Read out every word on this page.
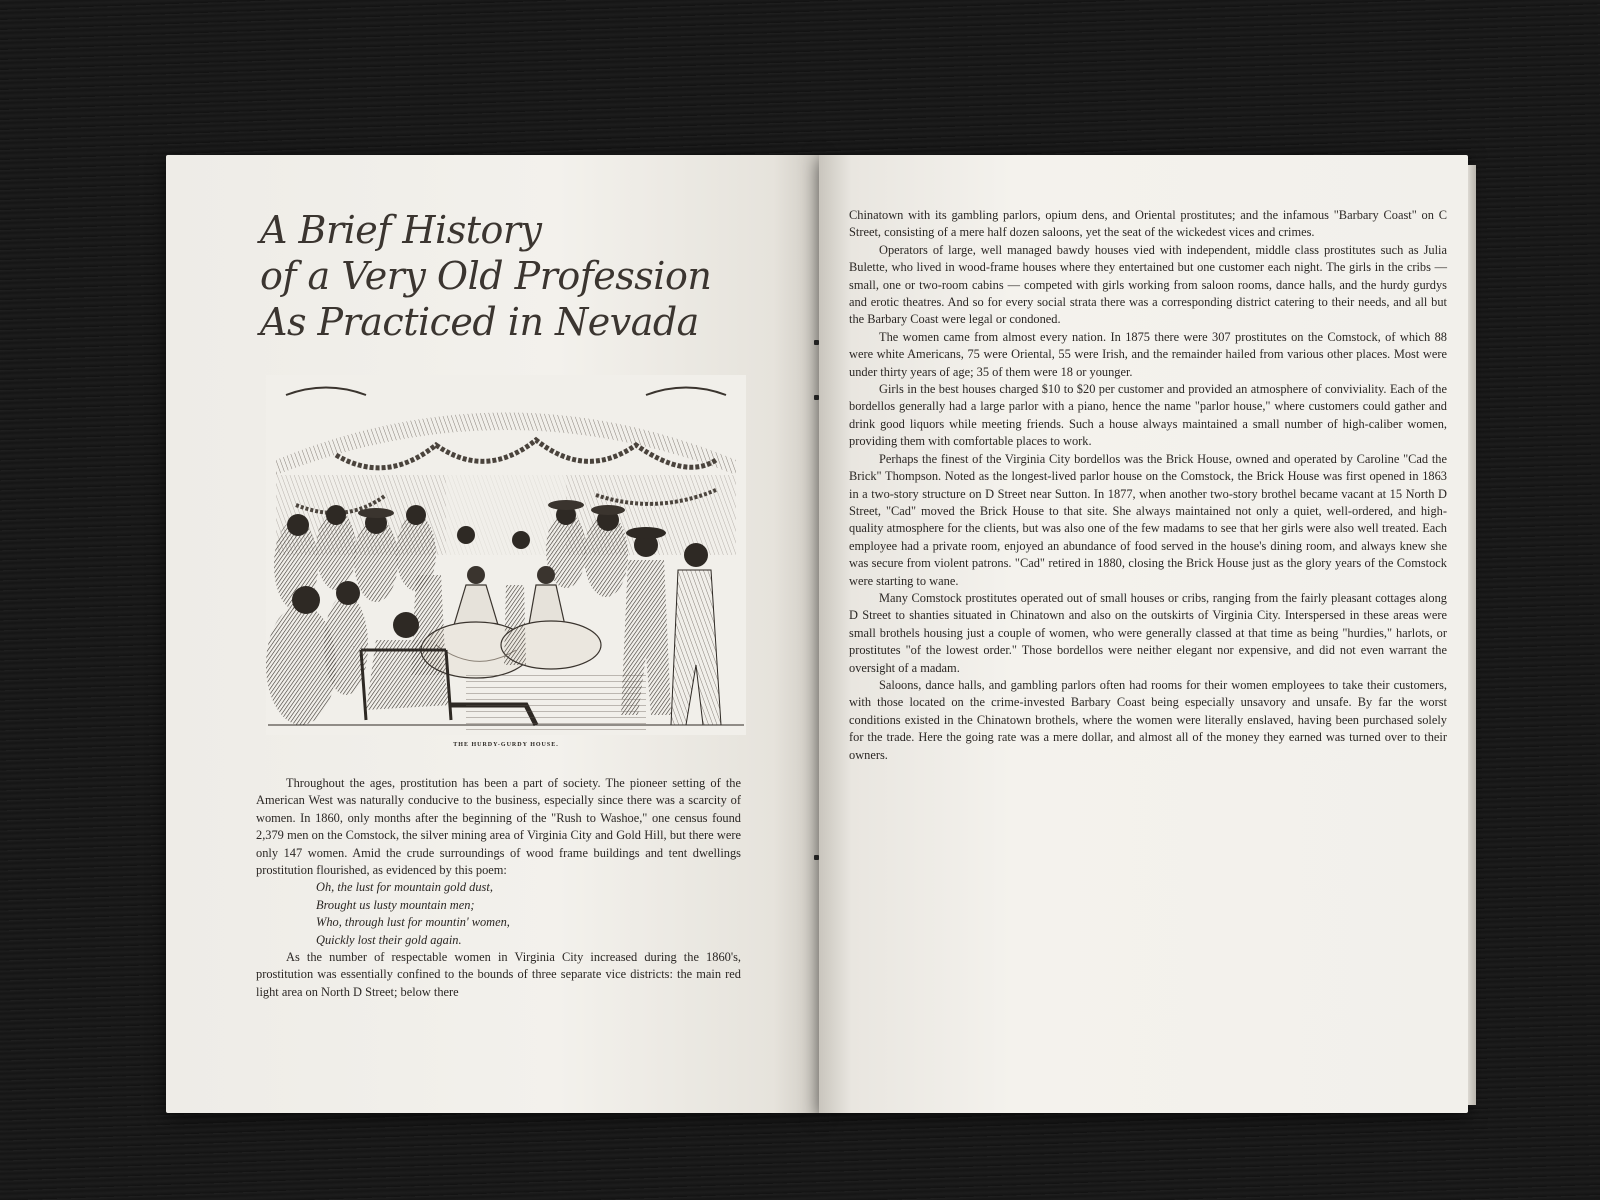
A Brief History
of a Very Old Profession
As Practiced in Nevada
THE HURDY-GURDY HOUSE.

Throughout the ages, prostitution has been a part of society. The pioneer setting of the American West was naturally conducive to the business, especially since there was a scarcity of women. In 1860, only months after the beginning of the "Rush to Washoe," one census found 2,379 men on the Comstock, the silver mining area of Virginia City and Gold Hill, but there were only 147 women. Amid the crude surroundings of wood frame buildings and tent dwellings prostitution flourished, as evidenced by this poem:

Oh, the lust for mountain gold dust,
Brought us lusty mountain men;
Who, through lust for mountin' women,
Quickly lost their gold again.

As the number of respectable women in Virginia City increased during the 1860's, prostitution was essentially confined to the bounds of three separate vice districts: the main red light area on North D Street; below there

Chinatown with its gambling parlors, opium dens, and Oriental prostitutes; and the infamous "Barbary Coast" on C Street, consisting of a mere half dozen saloons, yet the seat of the wickedest vices and crimes.

Operators of large, well managed bawdy houses vied with independent, middle class prostitutes such as Julia Bulette, who lived in wood-frame houses where they entertained but one customer each night. The girls in the cribs — small, one or two-room cabins — competed with girls working from saloon rooms, dance halls, and the hurdy gurdys and erotic theatres. And so for every social strata there was a corresponding district catering to their needs, and all but the Barbary Coast were legal or condoned.

The women came from almost every nation. In 1875 there were 307 prostitutes on the Comstock, of which 88 were white Americans, 75 were Oriental, 55 were Irish, and the remainder hailed from various other places. Most were under thirty years of age; 35 of them were 18 or younger.

Girls in the best houses charged $10 to $20 per customer and provided an atmosphere of conviviality. Each of the bordellos generally had a large parlor with a piano, hence the name "parlor house," where customers could gather and drink good liquors while meeting friends. Such a house always maintained a small number of high-caliber women, providing them with comfortable places to work.

Perhaps the finest of the Virginia City bordellos was the Brick House, owned and operated by Caroline "Cad the Brick" Thompson. Noted as the longest-lived parlor house on the Comstock, the Brick House was first opened in 1863 in a two-story structure on D Street near Sutton. In 1877, when another two-story brothel became vacant at 15 North D Street, "Cad" moved the Brick House to that site. She always maintained not only a quiet, well-ordered, and high-quality atmosphere for the clients, but was also one of the few madams to see that her girls were also well treated. Each employee had a private room, enjoyed an abundance of food served in the house's dining room, and always knew she was secure from violent patrons. "Cad" retired in 1880, closing the Brick House just as the glory years of the Comstock were starting to wane.

Many Comstock prostitutes operated out of small houses or cribs, ranging from the fairly pleasant cottages along D Street to shanties situated in Chinatown and also on the outskirts of Virginia City. Interspersed in these areas were small brothels housing just a couple of women, who were generally classed at that time as being "hurdies," harlots, or prostitutes "of the lowest order." Those bordellos were neither elegant nor expensive, and did not even warrant the oversight of a madam.

Saloons, dance halls, and gambling parlors often had rooms for their women employees to take their customers, with those located on the crime-invested Barbary Coast being especially unsavory and unsafe. By far the worst conditions existed in the Chinatown brothels, where the women were literally enslaved, having been purchased solely for the trade. Here the going rate was a mere dollar, and almost all of the money they earned was turned over to their owners.
